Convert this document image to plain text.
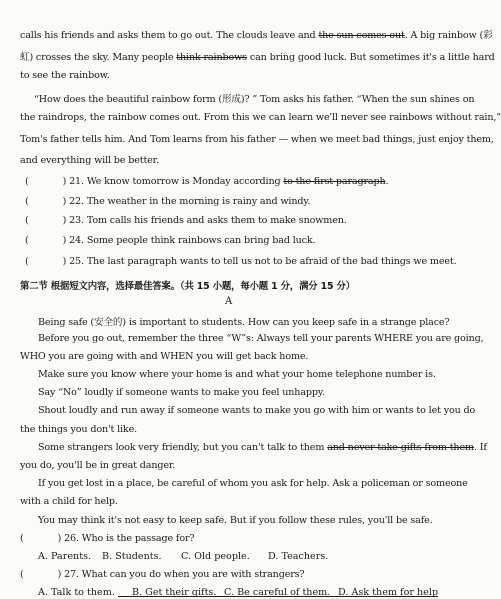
calls his friends and asks them to go out. The clouds leave and the sun comes out. A big rainbow (彩
虹) crosses the sky. Many people think rainbows can bring good luck. But sometimes it's a little hard
to see the rainbow.
“How does the beautiful rainbow form (形成)? ” Tom asks his father. “When the sun shines on
the raindrops, the rainbow comes out. From this we can learn we'll never see rainbows without rain,”
Tom's father tells him. And Tom learns from his father — when we meet bad things, just enjoy them,
and everything will be better.
(	) 21. We know tomorrow is Monday according to the first paragraph.
(	) 22. The weather in the morning is rainy and windy.
(	) 23. Tom calls his friends and asks them to make snowmen.
(	) 24. Some people think rainbows can bring bad luck.
(	) 25. The last paragraph wants to tell us not to be afraid of the bad things we meet.
第二节 根据短文内容，选择最佳答案。（共 15 小题，每小题 1 分，满分 15 分）
A
Being safe (安全的) is important to students. How can you keep safe in a strange place?
Before you go out, remember the three “W”s: Always tell your parents WHERE you are going,
WHO you are going with and WHEN you will get back home.
Make sure you know where your home is and what your home telephone number is.
Say “No” loudly if someone wants to make you feel unhappy.
Shout loudly and run away if someone wants to make you go with him or wants to let you do
the things you don't like.
Some strangers look very friendly, but you can't talk to them and never take gifts from them. If
you do, you'll be in great danger.
If you get lost in a place, be careful of whom you ask for help. Ask a policeman or someone
with a child for help.
You may think it's not easy to keep safe. But if you follow these rules, you'll be safe.
(	) 26. Who is the passage for?
A. Parents. B. Students. C. Old people. D. Teachers.
(	) 27. What can you do when you are with strangers?
A. Talk to them. B. Get their gifts. C. Be careful of them. D. Ask them for help
